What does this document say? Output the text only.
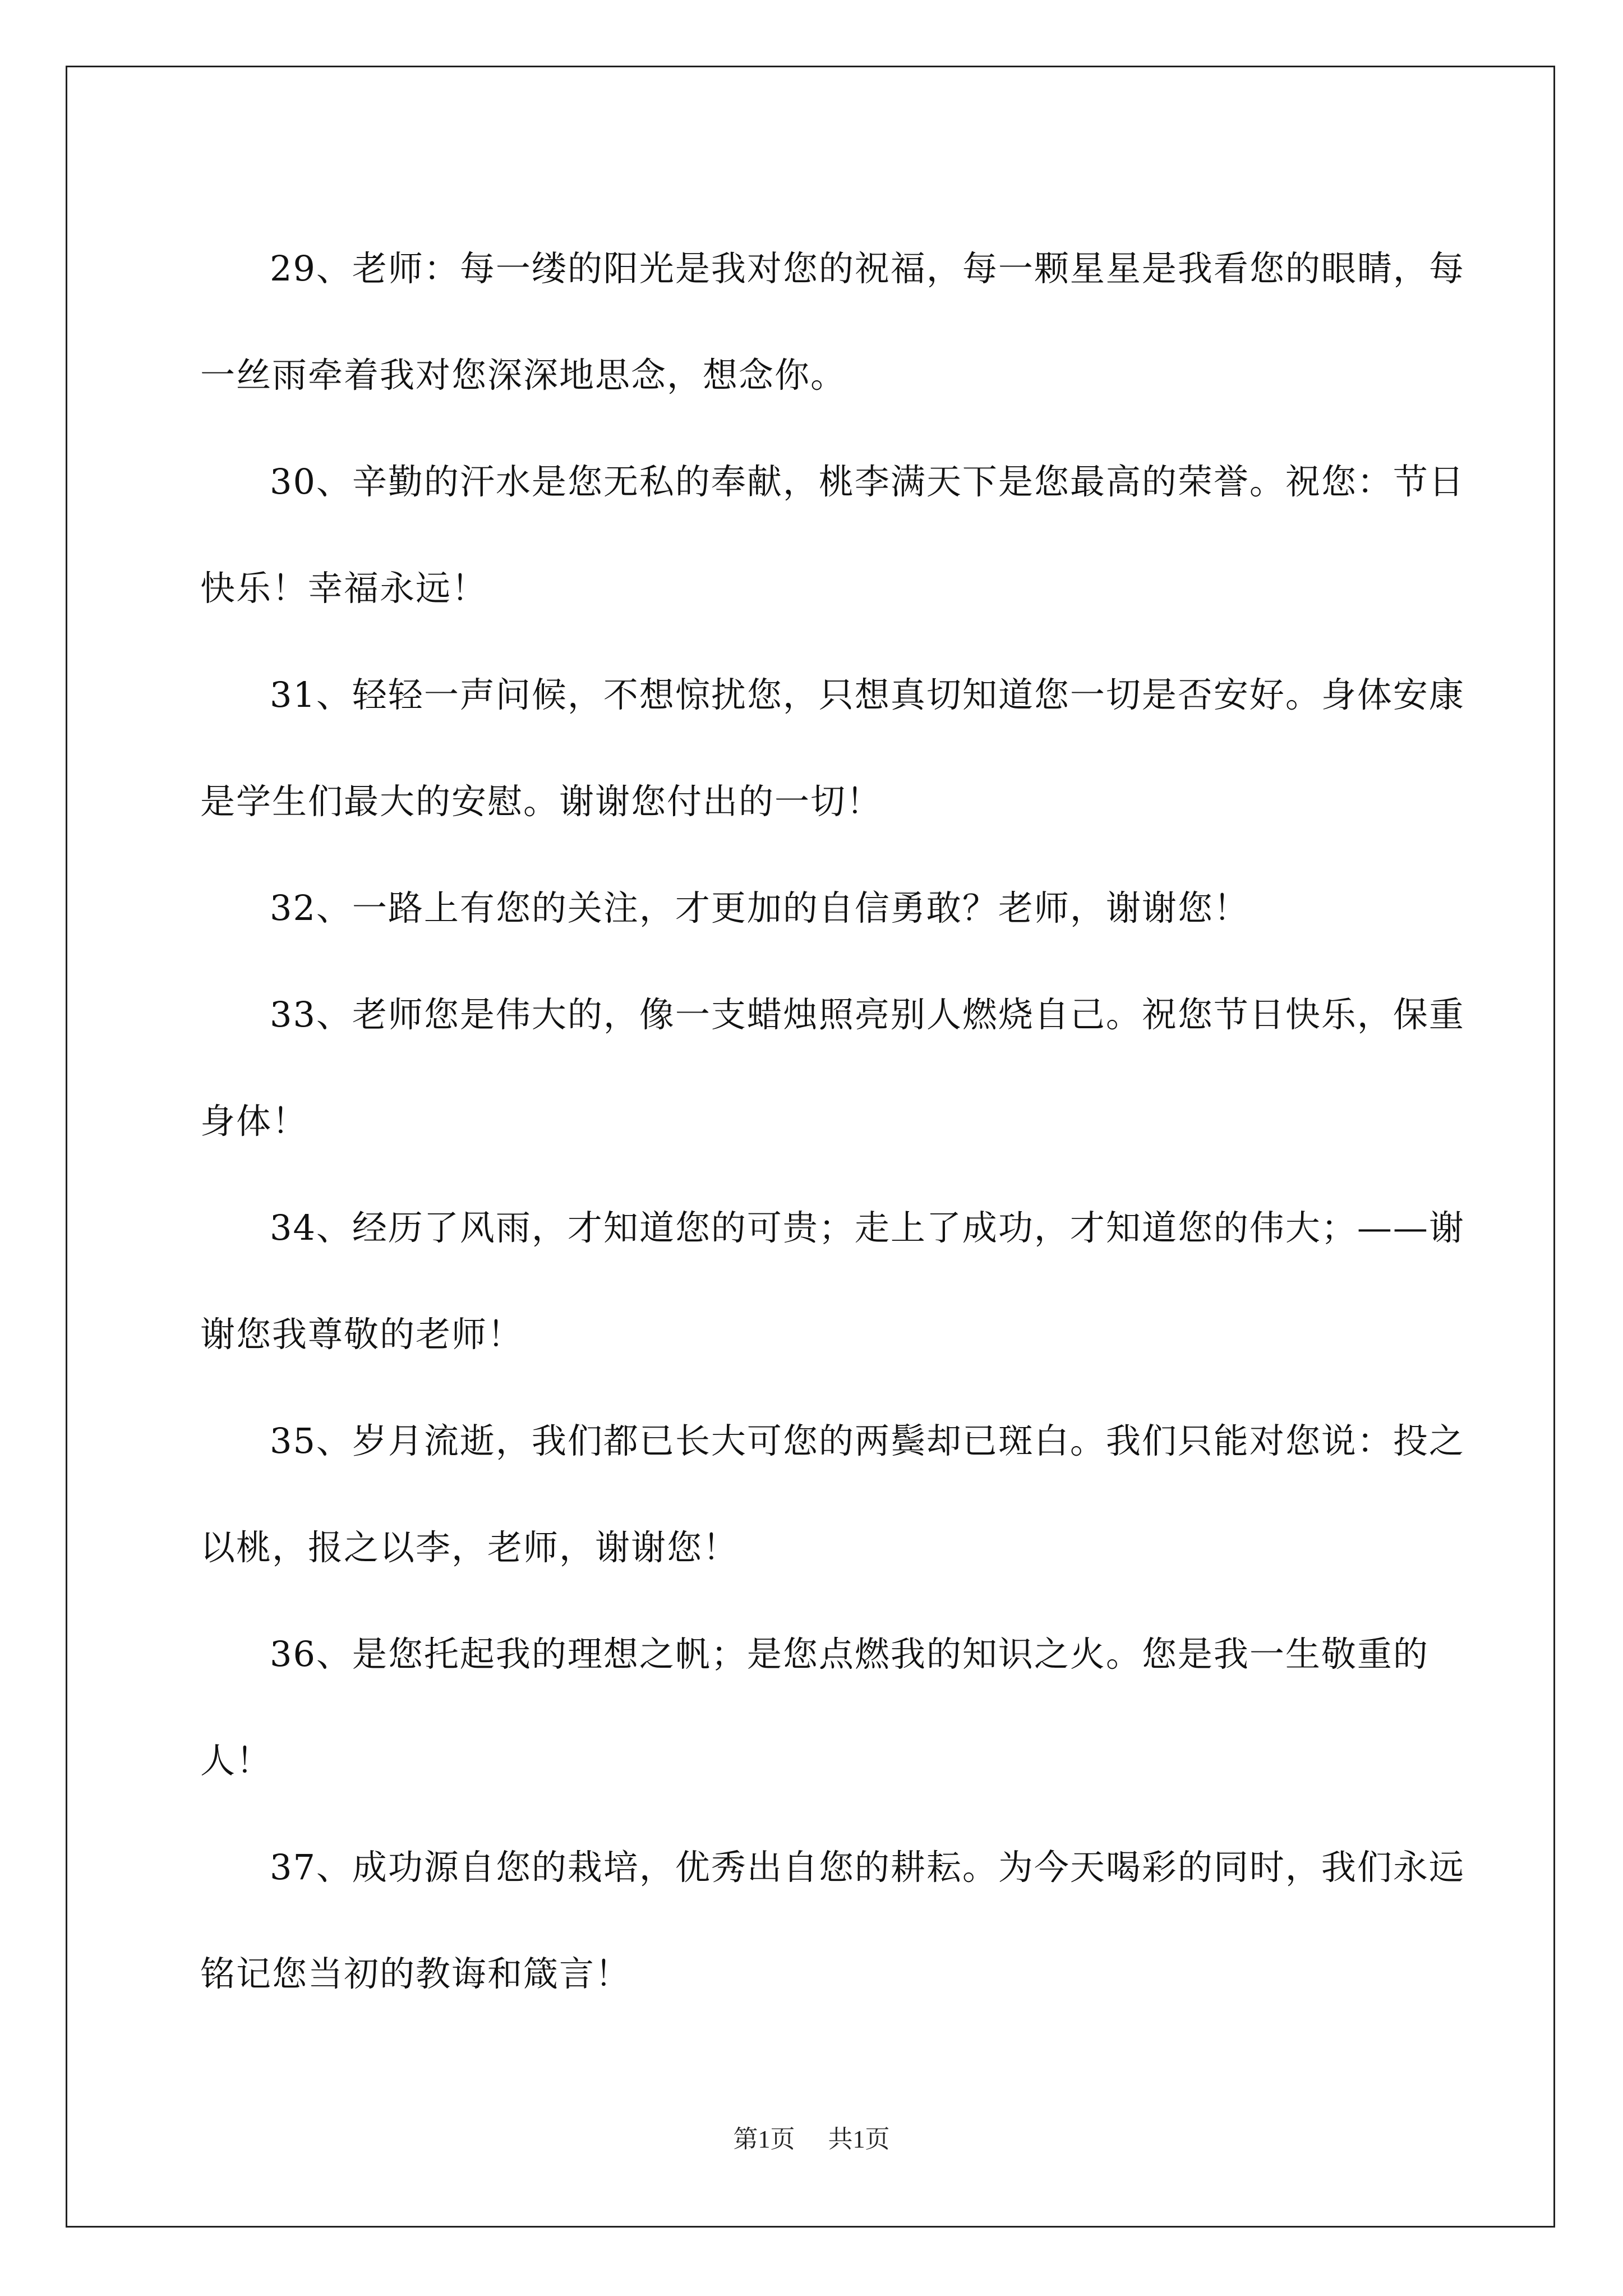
29、老师：每一缕的阳光是我对您的祝福，每一颗星星是我看您的眼睛，每一丝雨牵着我对您深深地思念，想念你。

30、辛勤的汗水是您无私的奉献，桃李满天下是您最高的荣誉。祝您：节日快乐！幸福永远！

31、轻轻一声问候，不想惊扰您，只想真切知道您一切是否安好。身体安康是学生们最大的安慰。谢谢您付出的一切！

32、一路上有您的关注，才更加的自信勇敢？老师，谢谢您！

33、老师您是伟大的，像一支蜡烛照亮别人燃烧自己。祝您节日快乐，保重身体！

34、经历了风雨，才知道您的可贵；走上了成功，才知道您的伟大；——谢谢您我尊敬的老师！

35、岁月流逝，我们都已长大可您的两鬓却已斑白。我们只能对您说：投之以桃，报之以李，老师，谢谢您！

36、是您托起我的理想之帆；是您点燃我的知识之火。您是我一生敬重的人！

37、成功源自您的栽培，优秀出自您的耕耘。为今天喝彩的同时，我们永远铭记您当初的教诲和箴言！

第1页 共1页
